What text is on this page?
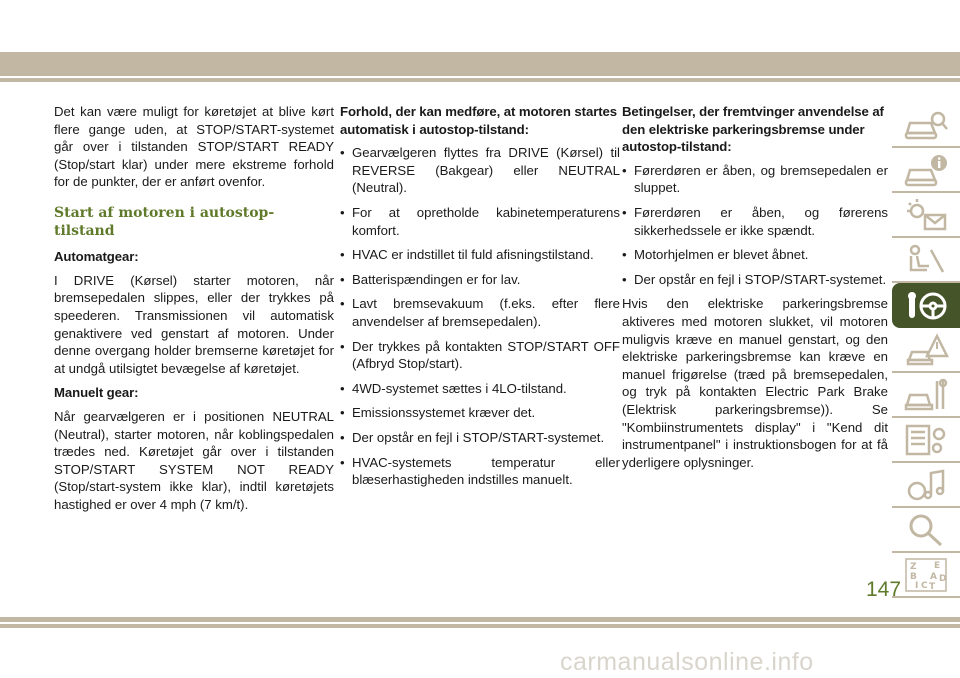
Det kan være muligt for køretøjet at blive kørt flere gange uden, at STOP/START-systemet går over i tilstanden STOP/START READY (Stop/start klar) under mere ekstreme forhold for de punkter, der er anført ovenfor.

Start af motoren i autostop-tilstand
Automatgear:

I DRIVE (Kørsel) starter motoren, når bremsepedalen slippes, eller der trykkes på speederen. Transmissionen vil automatisk genaktivere ved genstart af motoren. Under denne overgang holder bremserne køretøjet for at undgå utilsigtet bevægelse af køretøjet.

Manuelt gear:

Når gearvælgeren er i positionen NEUTRAL (Neutral), starter motoren, når koblingspedalen trædes ned. Køretøjet går over i tilstanden STOP/START SYSTEM NOT READY (Stop/start-system ikke klar), indtil køretøjets hastighed er over 4 mph (7 km/t).

Forhold, der kan medføre, at motoren startes automatisk i autostop-tilstand:
• Gearvælgeren flyttes fra DRIVE (Kørsel) til REVERSE (Bakgear) eller NEUTRAL (Neutral).
• For at opretholde kabinetemperaturens komfort.
• HVAC er indstillet til fuld afisningstilstand.
• Batterispændingen er for lav.
• Lavt bremsevakuum (f.eks. efter flere anvendelser af bremsepedalen).
• Der trykkes på kontakten STOP/START OFF (Afbryd Stop/start).
• 4WD-systemet sættes i 4LO-tilstand.
• Emissionssystemet kræver det.
• Der opstår en fejl i STOP/START-systemet.
• HVAC-systemets temperatur eller blæserhastigheden indstilles manuelt.
Betingelser, der fremtvinger anvendelse af den elektriske parkeringsbremse under autostop-tilstand:
• Førerdøren er åben, og bremsepedalen er sluppet.
• Førerdøren er åben, og førerens sikkerhedssele er ikke spændt.
• Motorhjelmen er blevet åbnet.
• Der opstår en fejl i STOP/START-systemet.

Hvis den elektriske parkeringsbremse aktiveres med motoren slukket, vil motoren muligvis kræve en manuel genstart, og den elektriske parkeringsbremse kan kræve en manuel frigørelse (træd på bremsepedalen, og tryk på kontakten Electric Park Brake (Elektrisk parkeringsbremse)). Se "Kombiinstrumentets display" i "Kend dit instrumentpanel" i instruktionsbogen for at få yderligere oplysninger.

Z E
B A
I C T
D
147
carmanualsonline.info
